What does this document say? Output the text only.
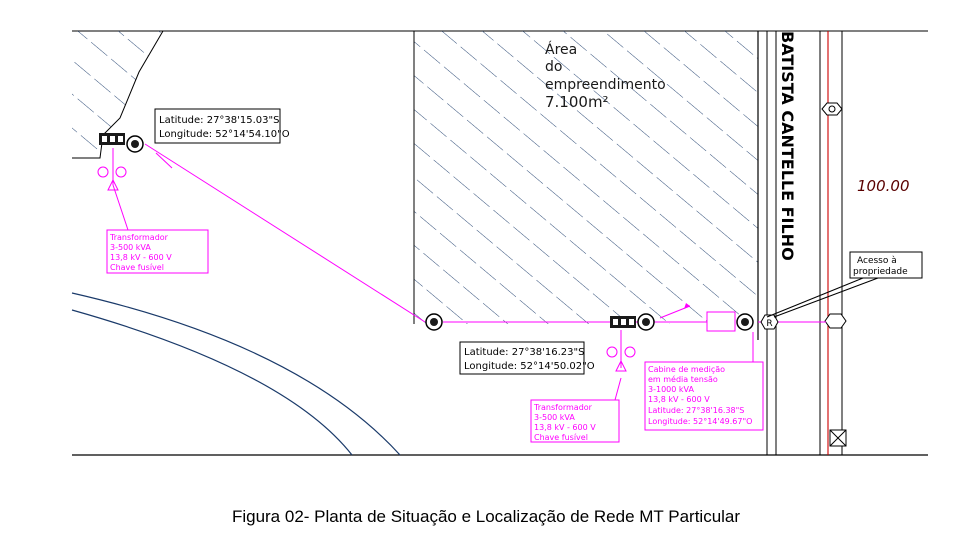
BATISTA CANTELLE FILHO	100.00
Área
do
empreendimento
7.100m²
R
Latitude: 27°38'15.03"S
Longitude: 52°14'54.10"O
Latitude: 27°38'16.23"S
Longitude: 52°14'50.02"O
Acesso à
propriedade
Transformador
3-500 kVA
13,8 kV - 600 V
Chave fusível
Transformador
3-500 kVA
13,8 kV - 600 V
Chave fusível
Cabine de medição
em média tensão
3-1000 kVA
13,8 kV - 600 V
Latitude: 27°38'16.38"S
Longitude: 52°14'49.67"O
Figura 02- Planta de Situação e Localização de Rede MT Particular
